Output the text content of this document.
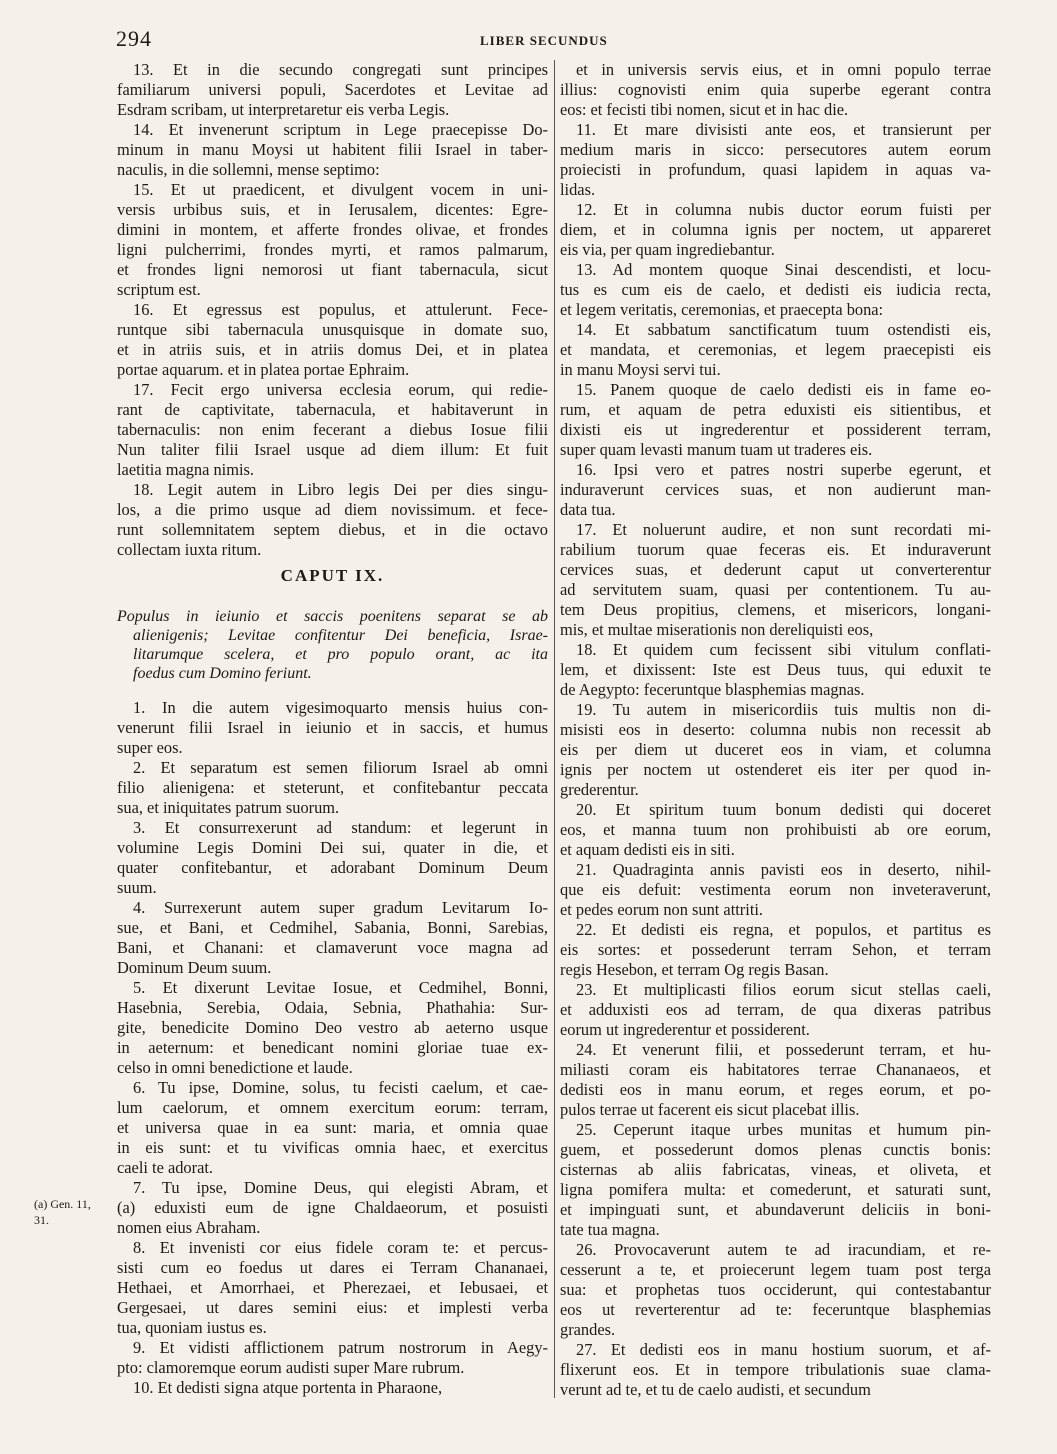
294	LIBER SECUNDUS
13. Et in die secundo congregati sunt principes
familiarum universi populi, Sacerdotes et Levitae ad
Esdram scribam, ut interpretaretur eis verba Legis.
14. Et invenerunt scriptum in Lege praecepisse Do-
minum in manu Moysi ut habitent filii Israel in taber-
naculis, in die sollemni, mense septimo:
15. Et ut praedicent, et divulgent vocem in uni-
versis urbibus suis, et in Ierusalem, dicentes: Egre-
dimini in montem, et afferte frondes olivae, et frondes
ligni pulcherrimi, frondes myrti, et ramos palmarum,
et frondes ligni nemorosi ut fiant tabernacula, sicut
scriptum est.
16. Et egressus est populus, et attulerunt. Fece-
runtque sibi tabernacula unusquisque in domate suo,
et in atriis suis, et in atriis domus Dei, et in platea
portae aquarum. et in platea portae Ephraim.
17. Fecit ergo universa ecclesia eorum, qui redie-
rant de captivitate, tabernacula, et habitaverunt in
tabernaculis: non enim fecerant a diebus Iosue filii
Nun taliter filii Israel usque ad diem illum: Et fuit
laetitia magna nimis.
18. Legit autem in Libro legis Dei per dies singu-
los, a die primo usque ad diem novissimum. et fece-
runt sollemnitatem septem diebus, et in die octavo
collectam iuxta ritum.
CAPUT IX.
Populus in ieiunio et saccis poenitens separat se ab
alienigenis; Levitae confitentur Dei beneficia, Israe-
litarumque scelera, et pro populo orant, ac ita
foedus cum Domino feriunt.
1. In die autem vigesimoquarto mensis huius con-
venerunt filii Israel in ieiunio et in saccis, et humus
super eos.
2. Et separatum est semen filiorum Israel ab omni
filio alienigena: et steterunt, et confitebantur peccata
sua, et iniquitates patrum suorum.
3. Et consurrexerunt ad standum: et legerunt in
volumine Legis Domini Dei sui, quater in die, et
quater confitebantur, et adorabant Dominum Deum
suum.
4. Surrexerunt autem super gradum Levitarum Io-
sue, et Bani, et Cedmihel, Sabania, Bonni, Sarebias,
Bani, et Chanani: et clamaverunt voce magna ad
Dominum Deum suum.
5. Et dixerunt Levitae Iosue, et Cedmihel, Bonni,
Hasebnia, Serebia, Odaia, Sebnia, Phathahia: Sur-
gite, benedicite Domino Deo vestro ab aeterno usque
in aeternum: et benedicant nomini gloriae tuae ex-
celso in omni benedictione et laude.
6. Tu ipse, Domine, solus, tu fecisti caelum, et cae-
lum caelorum, et omnem exercitum eorum: terram,
et universa quae in ea sunt: maria, et omnia quae
in eis sunt: et tu vivificas omnia haec, et exercitus
caeli te adorat.
7. Tu ipse, Domine Deus, qui elegisti Abram, et
(a) eduxisti eum de igne Chaldaeorum, et posuisti
nomen eius Abraham.
8. Et invenisti cor eius fidele coram te: et percus-
sisti cum eo foedus ut dares ei Terram Chananaei,
Hethaei, et Amorrhaei, et Pherezaei, et Iebusaei, et
Gergesaei, ut dares semini eius: et implesti verba
tua, quoniam iustus es.
9. Et vidisti afflictionem patrum nostrorum in Aegy-
pto: clamoremque eorum audisti super Mare rubrum.
10. Et dedisti signa atque portenta in Pharaone,
et in universis servis eius, et in omni populo terrae
illius: cognovisti enim quia superbe egerant contra
eos: et fecisti tibi nomen, sicut et in hac die.
11. Et mare divisisti ante eos, et transierunt per
medium maris in sicco: persecutores autem eorum
proiecisti in profundum, quasi lapidem in aquas va-
lidas.
12. Et in columna nubis ductor eorum fuisti per
diem, et in columna ignis per noctem, ut appareret
eis via, per quam ingrediebantur.
13. Ad montem quoque Sinai descendisti, et locu-
tus es cum eis de caelo, et dedisti eis iudicia recta,
et legem veritatis, ceremonias, et praecepta bona:
14. Et sabbatum sanctificatum tuum ostendisti eis,
et mandata, et ceremonias, et legem praecepisti eis
in manu Moysi servi tui.
15. Panem quoque de caelo dedisti eis in fame eo-
rum, et aquam de petra eduxisti eis sitientibus, et
dixisti eis ut ingrederentur et possiderent terram,
super quam levasti manum tuam ut traderes eis.
16. Ipsi vero et patres nostri superbe egerunt, et
induraverunt cervices suas, et non audierunt man-
data tua.
17. Et noluerunt audire, et non sunt recordati mi-
rabilium tuorum quae feceras eis. Et induraverunt
cervices suas, et dederunt caput ut converterentur
ad servitutem suam, quasi per contentionem. Tu au-
tem Deus propitius, clemens, et misericors, longani-
mis, et multae miserationis non dereliquisti eos,
18. Et quidem cum fecissent sibi vitulum conflati-
lem, et dixissent: Iste est Deus tuus, qui eduxit te
de Aegypto: feceruntque blasphemias magnas.
19. Tu autem in misericordiis tuis multis non di-
misisti eos in deserto: columna nubis non recessit ab
eis per diem ut duceret eos in viam, et columna
ignis per noctem ut ostenderet eis iter per quod in-
grederentur.
20. Et spiritum tuum bonum dedisti qui doceret
eos, et manna tuum non prohibuisti ab ore eorum,
et aquam dedisti eis in siti.
21. Quadraginta annis pavisti eos in deserto, nihil-
que eis defuit: vestimenta eorum non inveteraverunt,
et pedes eorum non sunt attriti.
22. Et dedisti eis regna, et populos, et partitus es
eis sortes: et possederunt terram Sehon, et terram
regis Hesebon, et terram Og regis Basan.
23. Et multiplicasti filios eorum sicut stellas caeli,
et adduxisti eos ad terram, de qua dixeras patribus
eorum ut ingrederentur et possiderent.
24. Et venerunt filii, et possederunt terram, et hu-
miliasti coram eis habitatores terrae Chananaeos, et
dedisti eos in manu eorum, et reges eorum, et po-
pulos terrae ut facerent eis sicut placebat illis.
25. Ceperunt itaque urbes munitas et humum pin-
guem, et possederunt domos plenas cunctis bonis:
cisternas ab aliis fabricatas, vineas, et oliveta, et
ligna pomifera multa: et comederunt, et saturati sunt,
et impinguati sunt, et abundaverunt deliciis in boni-
tate tua magna.
26. Provocaverunt autem te ad iracundiam, et re-
cesserunt a te, et proiecerunt legem tuam post terga
sua: et prophetas tuos occiderunt, qui contestabantur
eos ut reverterentur ad te: feceruntque blasphemias
grandes.
27. Et dedisti eos in manu hostium suorum, et af-
flixerunt eos. Et in tempore tribulationis suae clama-
verunt ad te, et tu de caelo audisti, et secundum
(a) Gen. 11,
31.
